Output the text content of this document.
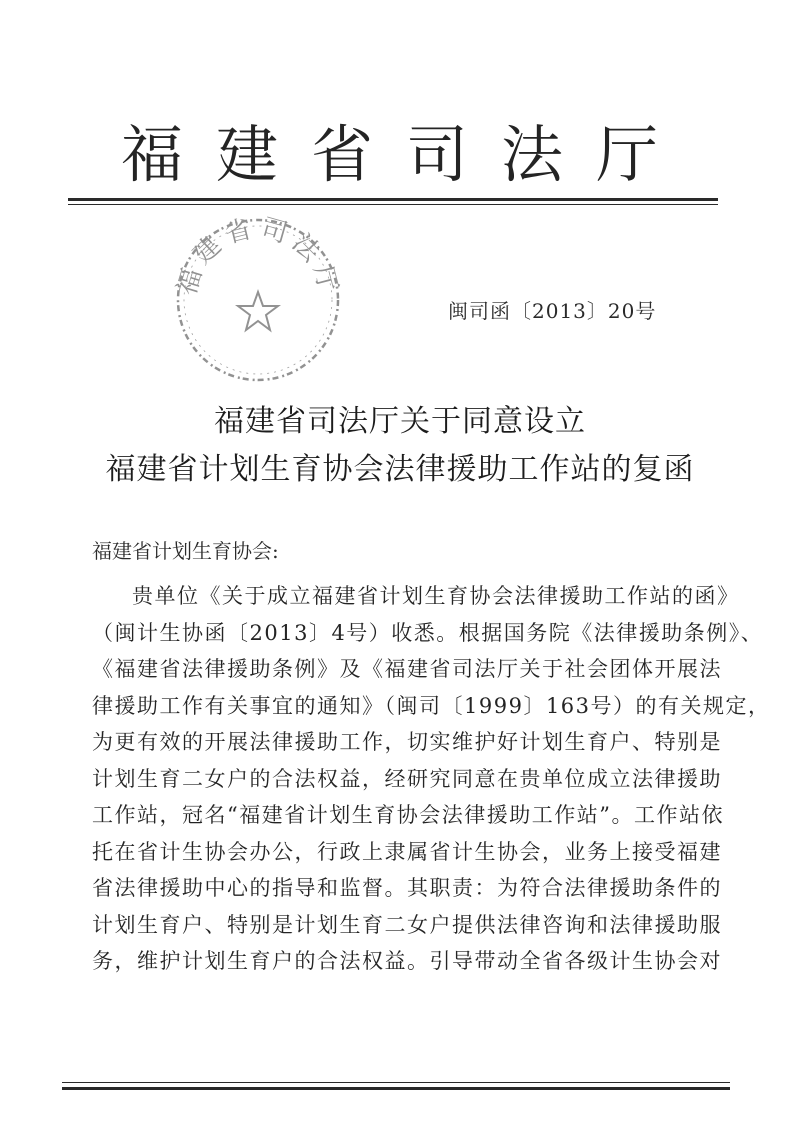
福建省司法厅
福建省司法厅
闽司函〔2013〕20号
福建省司法厅关于同意设立
福建省计划生育协会法律援助工作站的复函
福建省计划生育协会:
贵单位《关于成立福建省计划生育协会法律援助工作站的函》
（闽计生协函〔2013〕4号）收悉。根据国务院《法律援助条例》、
《福建省法律援助条例》及《福建省司法厅关于社会团体开展法
律援助工作有关事宜的通知》（闽司〔1999〕163号）的有关规定，
为更有效的开展法律援助工作，切实维护好计划生育户、特别是
计划生育二女户的合法权益，经研究同意在贵单位成立法律援助
工作站，冠名“福建省计划生育协会法律援助工作站”。工作站依
托在省计生协会办公，行政上隶属省计生协会，业务上接受福建
省法律援助中心的指导和监督。其职责：为符合法律援助条件的
计划生育户、特别是计划生育二女户提供法律咨询和法律援助服
务，维护计划生育户的合法权益。引导带动全省各级计生协会对
